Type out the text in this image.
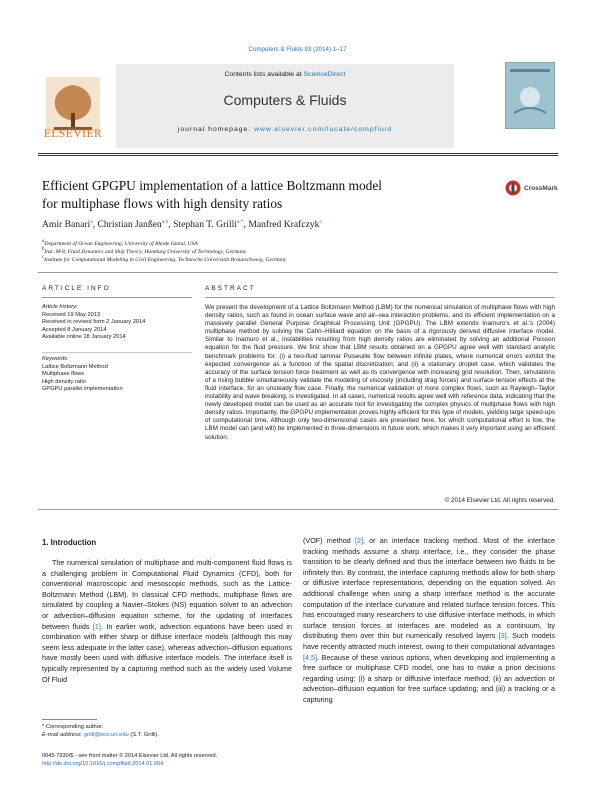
Computers & Fluids 93 (2014) 1–17
Contents lists available at ScienceDirect
Computers & Fluids
journal homepage: www.elsevier.com/locate/compfluid
ELSEVIER
Efficient GPGPU implementation of a lattice Boltzmann model
for multiphase flows with high density ratios
CrossMark
Amir Banari$^a$, Christian Janßen$^{a,b}$, Stephan T. Grilli$^{a,*}$, Manfred Krafczyk$^c$
$^a$Department of Ocean Engineering, University of Rhode Island, USA
$^b$Inst. M-8, Fluid Dynamics and Ship Theory, Hamburg University of Technology, Germany
$^c$Institute for Computational Modeling in Civil Engineering, Technische Universität Braunschweig, Germany
ARTICLE INFO	ABSTRACT
Article history:
Received 19 May 2013
Received in revised form 2 January 2014
Accepted 8 January 2014
Available online 18 January 2014
Keywords:
Lattice Boltzmann Method
Multiphase flows
High density ratio
GPGPU parallel implementation
We present the development of a Lattice Boltzmann Method (LBM) for the numerical simulation of multiphase flows with high density ratios, such as found in ocean surface wave and air–sea interaction problems, and its efficient implementation on a massively parallel General Purpose Graphical Processing Unit (GPGPU). The LBM extends Inamuro's et al.'s (2004) multiphase method by solving the Cahn–Hilliard equation on the basis of a rigorously derived diffusive interface model. Similar to Inamuro et al., instabilities resulting from high density ratios are eliminated by solving an additional Poisson equation for the fluid pressure. We first show that LBM results obtained on a GPGPU agree well with standard analytic benchmark problems for: (i) a two-fluid laminar Poiseuille flow between infinite plates, where numerical errors exhibit the expected convergence as a function of the spatial discretization; and (ii) a stationary droplet case, which validates the accuracy of the surface tension force treatment as well as its convergence with increasing grid resolution. Then, simulations of a rising bubble simultaneously validate the modeling of viscosity (including drag forces) and surface tension effects at the fluid interface, for an unsteady flow case. Finally, the numerical validation of more complex flows, such as Rayleigh–Taylor instability and wave breaking, is investigated. In all cases, numerical results agree well with reference data, indicating that the newly developed model can be used as an accurate tool for investigating the complex physics of multiphase flows with high density ratios. Importantly, the GPGPU implementation proves highly efficient for this type of models, yielding large speed-ups of computational time. Although only two-dimensional cases are presented here, for which computational effort is low, the LBM model can (and will) be implemented in three-dimensions in future work, which makes it very important using an efficient solution.
© 2014 Elsevier Ltd. All rights reserved.
1. Introduction
The numerical simulation of multiphase and multi-component fluid flows is a challenging problem in Computational Fluid Dynamics (CFD), both for conventional macroscopic and mesoscopic methods, such as the Lattice-Boltzmann Method (LBM). In classical CFD methods, multiphase flows are simulated by coupling a Navier–Stokes (NS) equation solver to an advection or advection–diffusion equation scheme, for the updating of interfaces between fluids [1]. In earlier work, advection equations have been used in combination with either sharp or diffuse interface models (although this may seem less adequate in the latter case), whereas advection–diffusion equations have mostly been used with diffusive interface models. The interface itself is typically represented by a capturing method such as the widely used Volume Of Fluid
(VOF) method [2], or an interface tracking method. Most of the interface tracking methods assume a sharp interface, i.e., they consider the phase transition to be clearly defined and thus the interface between two fluids to be infinitely thin. By contrast, the interface capturing methods allow for both sharp or diffusive interface representations, depending on the equation solved. An additional challenge when using a sharp interface method is the accurate computation of the interface curvature and related surface tension forces. This has encouraged many researchers to use diffusive interface methods, in which surface tension forces at interfaces are modeled as a continuum, by distributing them over thin but numerically resolved layers [3]. Such models have recently attracted much interest, owing to their computational advantages [4,5]. Because of these various options, when developing and implementing a free surface or multiphase CFD model, one has to make a priori decisions regarding using: (i) a sharp or diffusive interface method; (ii) an advection or advection–diffusion equation for free surface updating; and (iii) a tracking or a capturing
* Corresponding author.
E-mail address: grilli@oce.uri.edu (S.T. Grilli).
0045-7930/$ - see front matter © 2014 Elsevier Ltd. All rights reserved.
http://dx.doi.org/10.1016/j.compfluid.2014.01.004
